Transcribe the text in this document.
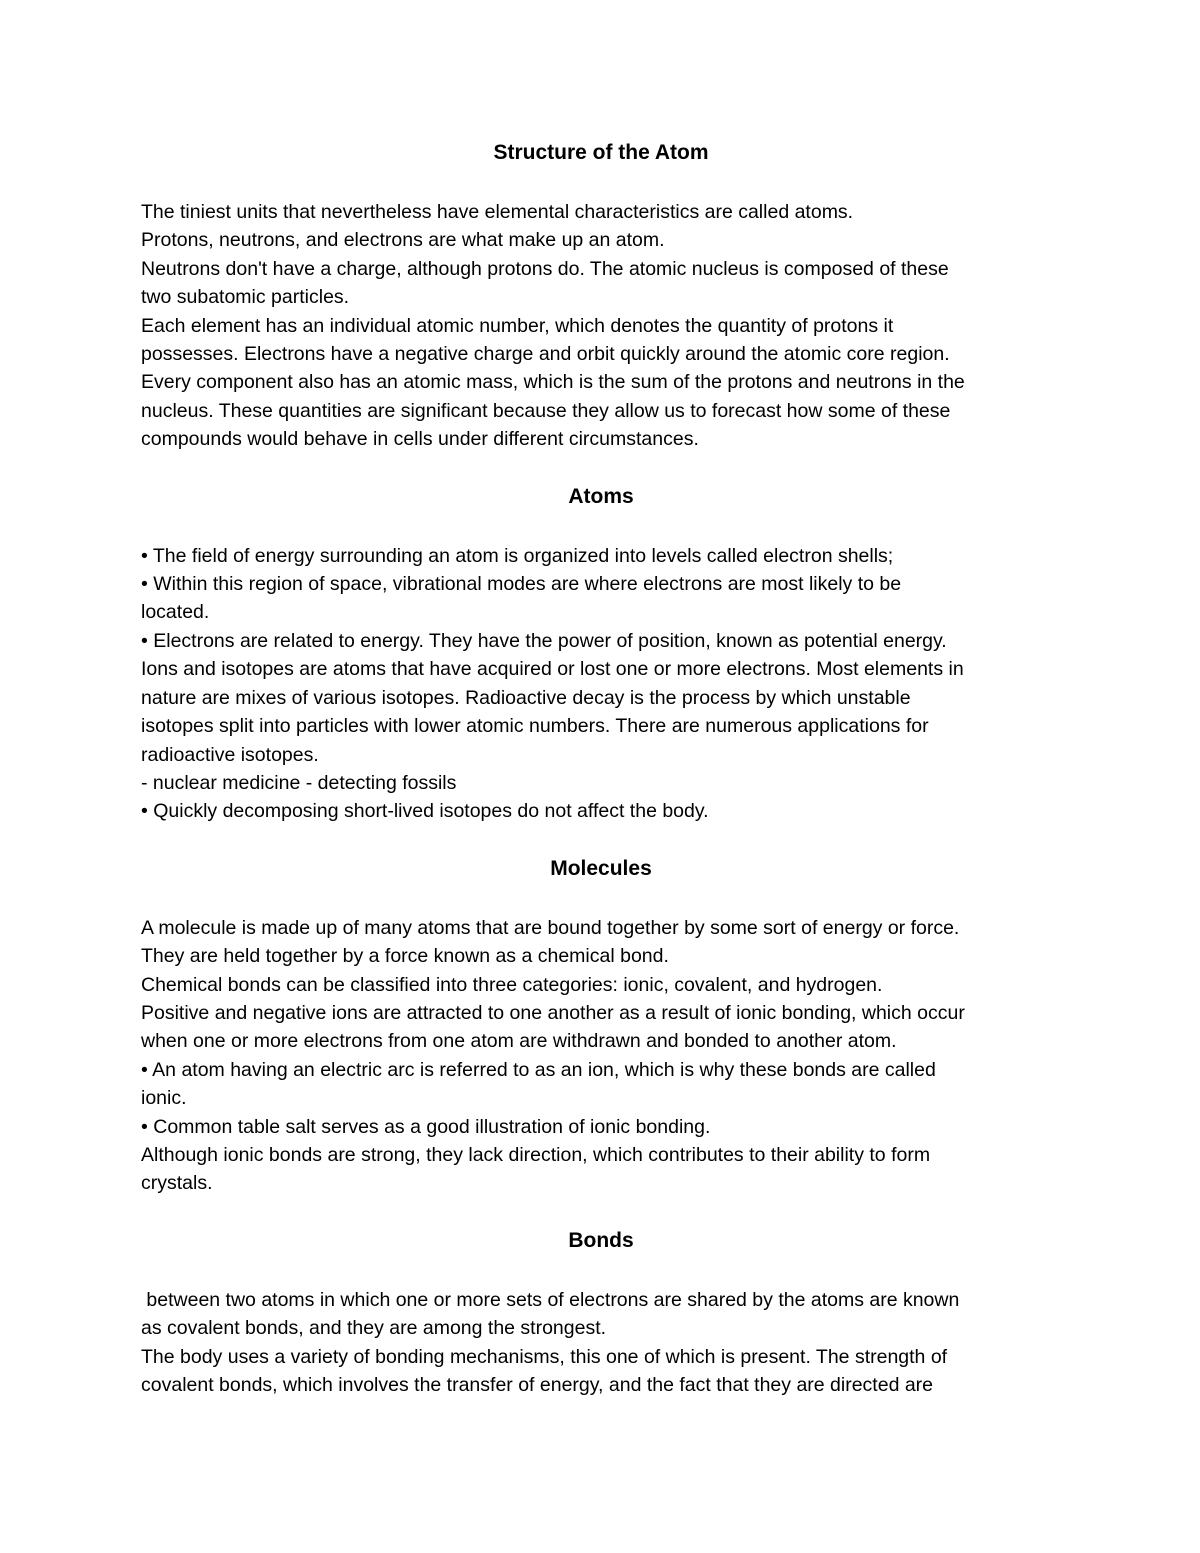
Structure of the Atom
The tiniest units that nevertheless have elemental characteristics are called atoms.
Protons, neutrons, and electrons are what make up an atom.
Neutrons don't have a charge, although protons do. The atomic nucleus is composed of these
two subatomic particles.
Each element has an individual atomic number, which denotes the quantity of protons it
possesses. Electrons have a negative charge and orbit quickly around the atomic core region.
Every component also has an atomic mass, which is the sum of the protons and neutrons in the
nucleus. These quantities are significant because they allow us to forecast how some of these
compounds would behave in cells under different circumstances.
Atoms
• The field of energy surrounding an atom is organized into levels called electron shells;
• Within this region of space, vibrational modes are where electrons are most likely to be
located.
• Electrons are related to energy. They have the power of position, known as potential energy.
Ions and isotopes are atoms that have acquired or lost one or more electrons. Most elements in
nature are mixes of various isotopes. Radioactive decay is the process by which unstable
isotopes split into particles with lower atomic numbers. There are numerous applications for
radioactive isotopes.
- nuclear medicine - detecting fossils
• Quickly decomposing short-lived isotopes do not affect the body.
Molecules
A molecule is made up of many atoms that are bound together by some sort of energy or force.
They are held together by a force known as a chemical bond.
Chemical bonds can be classified into three categories: ionic, covalent, and hydrogen.
Positive and negative ions are attracted to one another as a result of ionic bonding, which occur
when one or more electrons from one atom are withdrawn and bonded to another atom.
• An atom having an electric arc is referred to as an ion, which is why these bonds are called
ionic.
• Common table salt serves as a good illustration of ionic bonding.
Although ionic bonds are strong, they lack direction, which contributes to their ability to form
crystals.
Bonds
between two atoms in which one or more sets of electrons are shared by the atoms are known
as covalent bonds, and they are among the strongest.
The body uses a variety of bonding mechanisms, this one of which is present. The strength of
covalent bonds, which involves the transfer of energy, and the fact that they are directed are
